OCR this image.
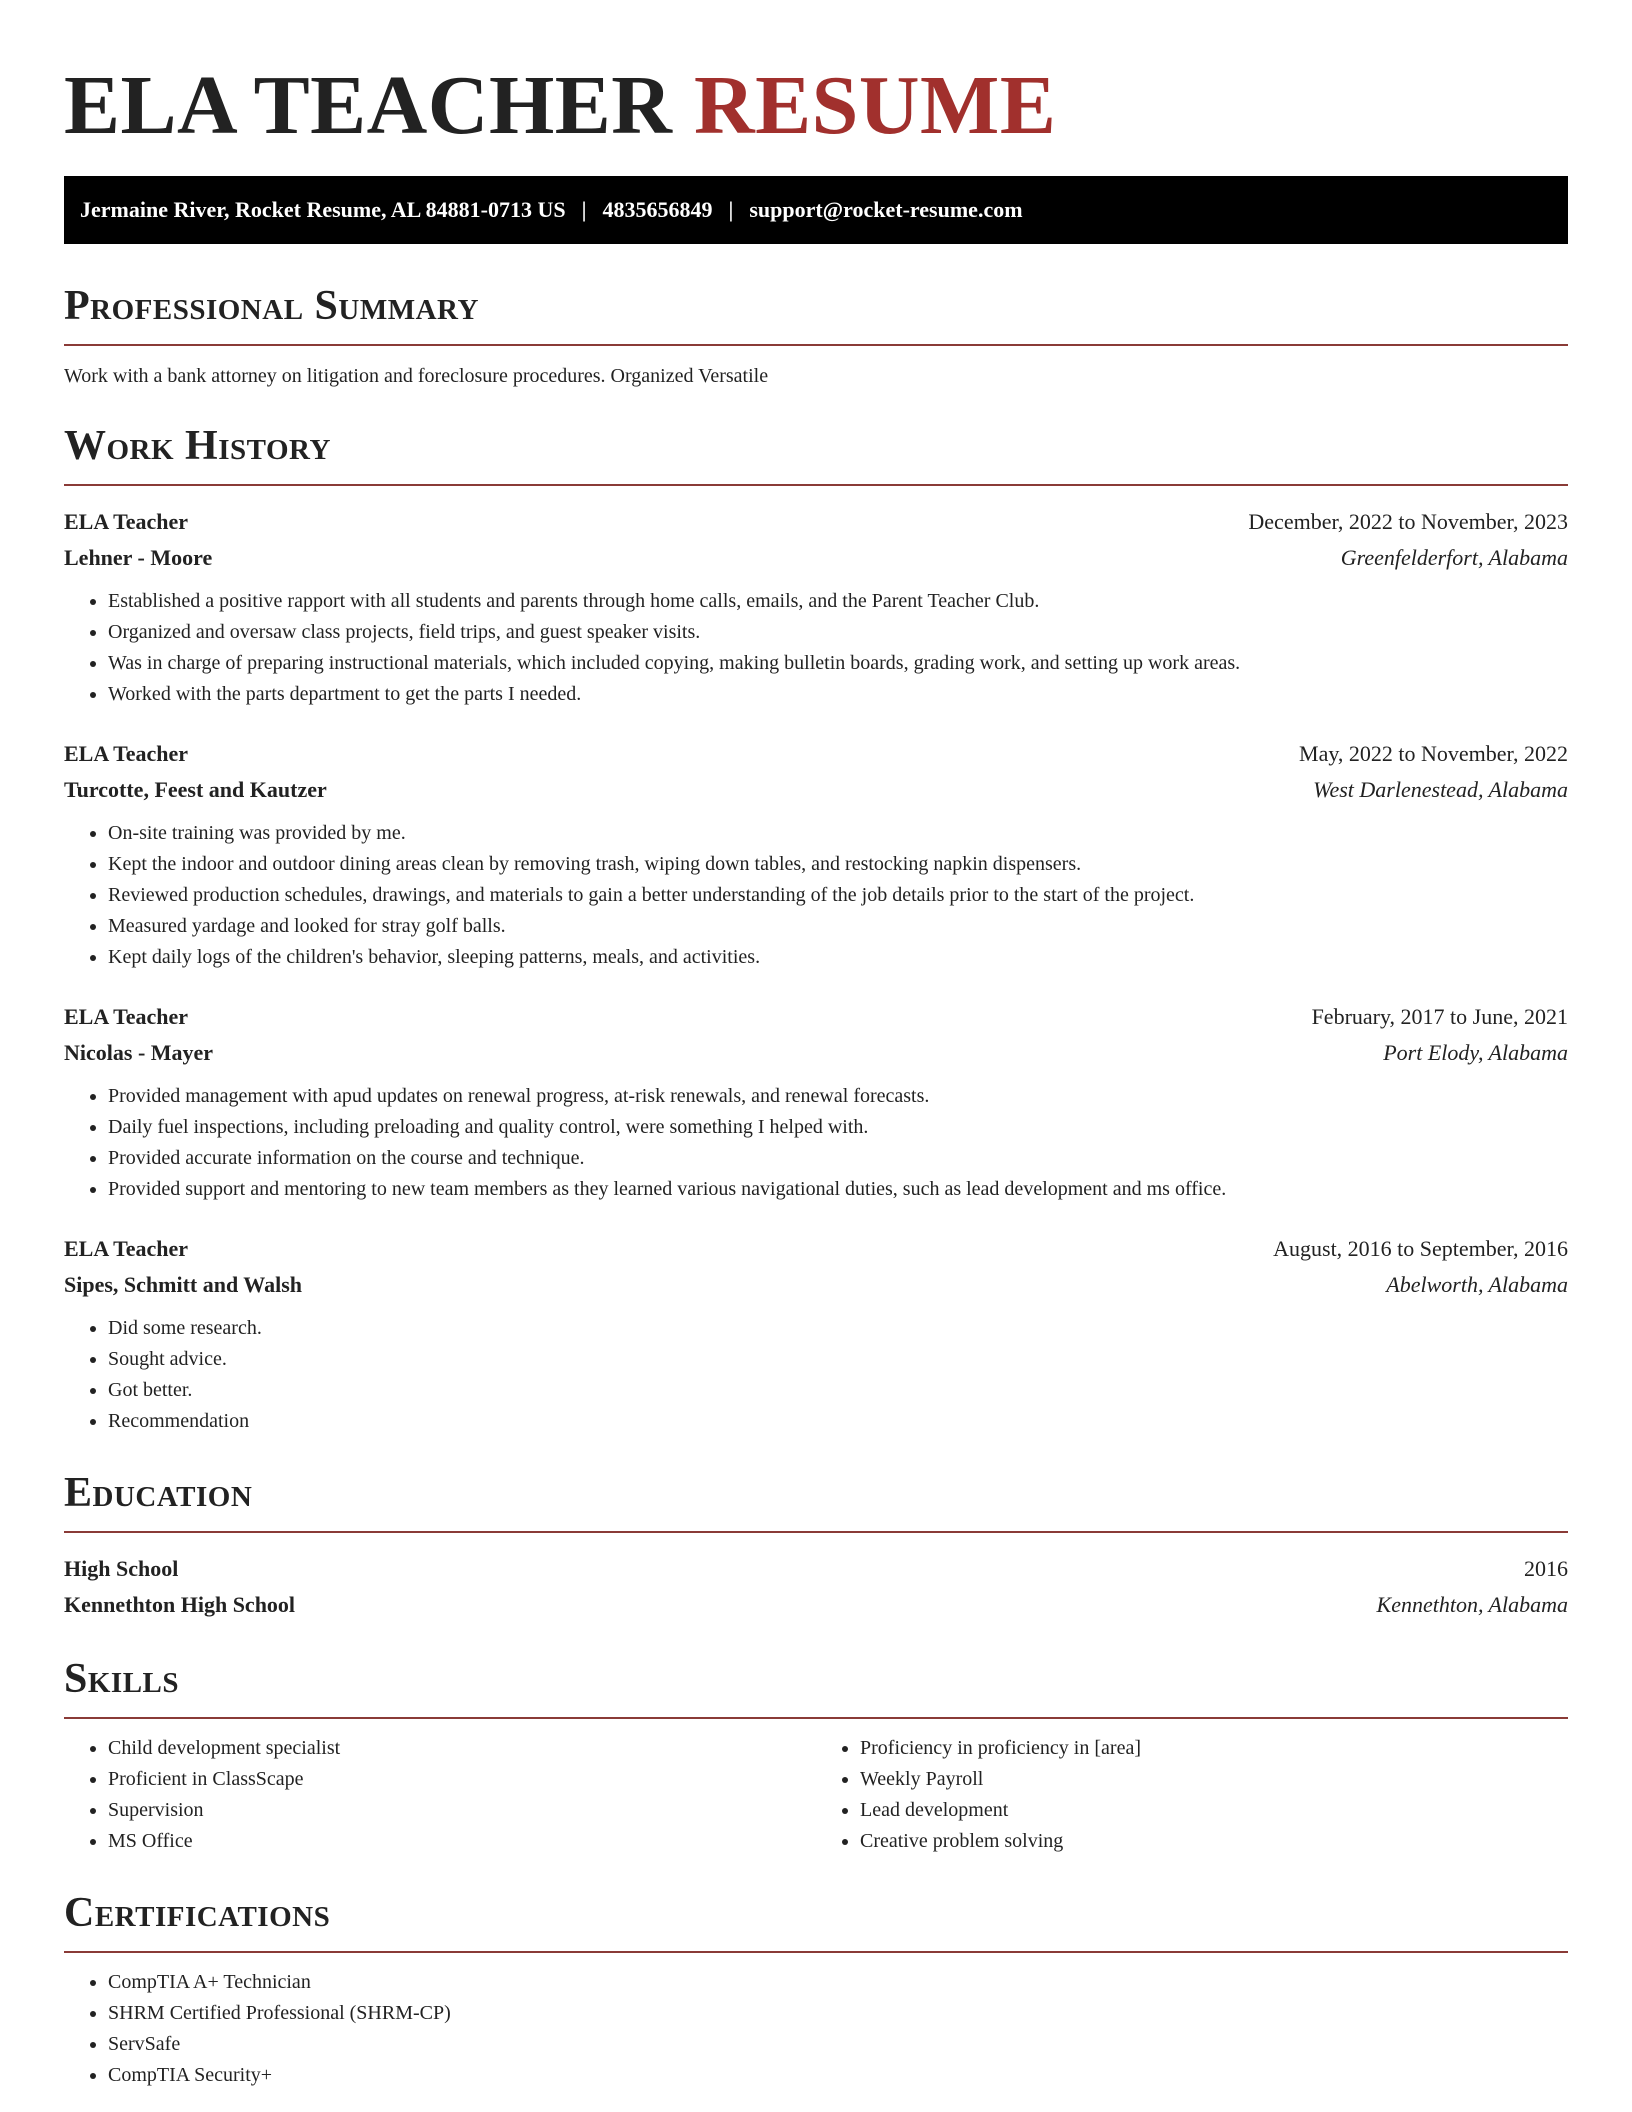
ELA TEACHER RESUME
Jermaine River, Rocket Resume, AL 84881-0713 US | 4835656849 | support@rocket-resume.com
Professional Summary
Work with a bank attorney on litigation and foreclosure procedures. Organized Versatile
Work History
ELA Teacher	December, 2022 to November, 2023
Lehner - Moore	Greenfelderfort, Alabama
• Established a positive rapport with all students and parents through home calls, emails, and the Parent Teacher Club.
• Organized and oversaw class projects, field trips, and guest speaker visits.
• Was in charge of preparing instructional materials, which included copying, making bulletin boards, grading work, and setting up work areas.
• Worked with the parts department to get the parts I needed.
ELA Teacher	May, 2022 to November, 2022
Turcotte, Feest and Kautzer	West Darlenestead, Alabama
• On-site training was provided by me.
• Kept the indoor and outdoor dining areas clean by removing trash, wiping down tables, and restocking napkin dispensers.
• Reviewed production schedules, drawings, and materials to gain a better understanding of the job details prior to the start of the project.
• Measured yardage and looked for stray golf balls.
• Kept daily logs of the children's behavior, sleeping patterns, meals, and activities.
ELA Teacher	February, 2017 to June, 2021
Nicolas - Mayer	Port Elody, Alabama
• Provided management with apud updates on renewal progress, at-risk renewals, and renewal forecasts.
• Daily fuel inspections, including preloading and quality control, were something I helped with.
• Provided accurate information on the course and technique.
• Provided support and mentoring to new team members as they learned various navigational duties, such as lead development and ms office.
ELA Teacher	August, 2016 to September, 2016
Sipes, Schmitt and Walsh	Abelworth, Alabama
• Did some research.
• Sought advice.
• Got better.
• Recommendation
Education
High School	2016
Kennethton High School	Kennethton, Alabama
Skills
• Child development specialist
• Proficient in ClassScape
• Supervision
• MS Office
• Proficiency in proficiency in [area]
• Weekly Payroll
• Lead development
• Creative problem solving
Certifications
• CompTIA A+ Technician
• SHRM Certified Professional (SHRM-CP)
• ServSafe
• CompTIA Security+
